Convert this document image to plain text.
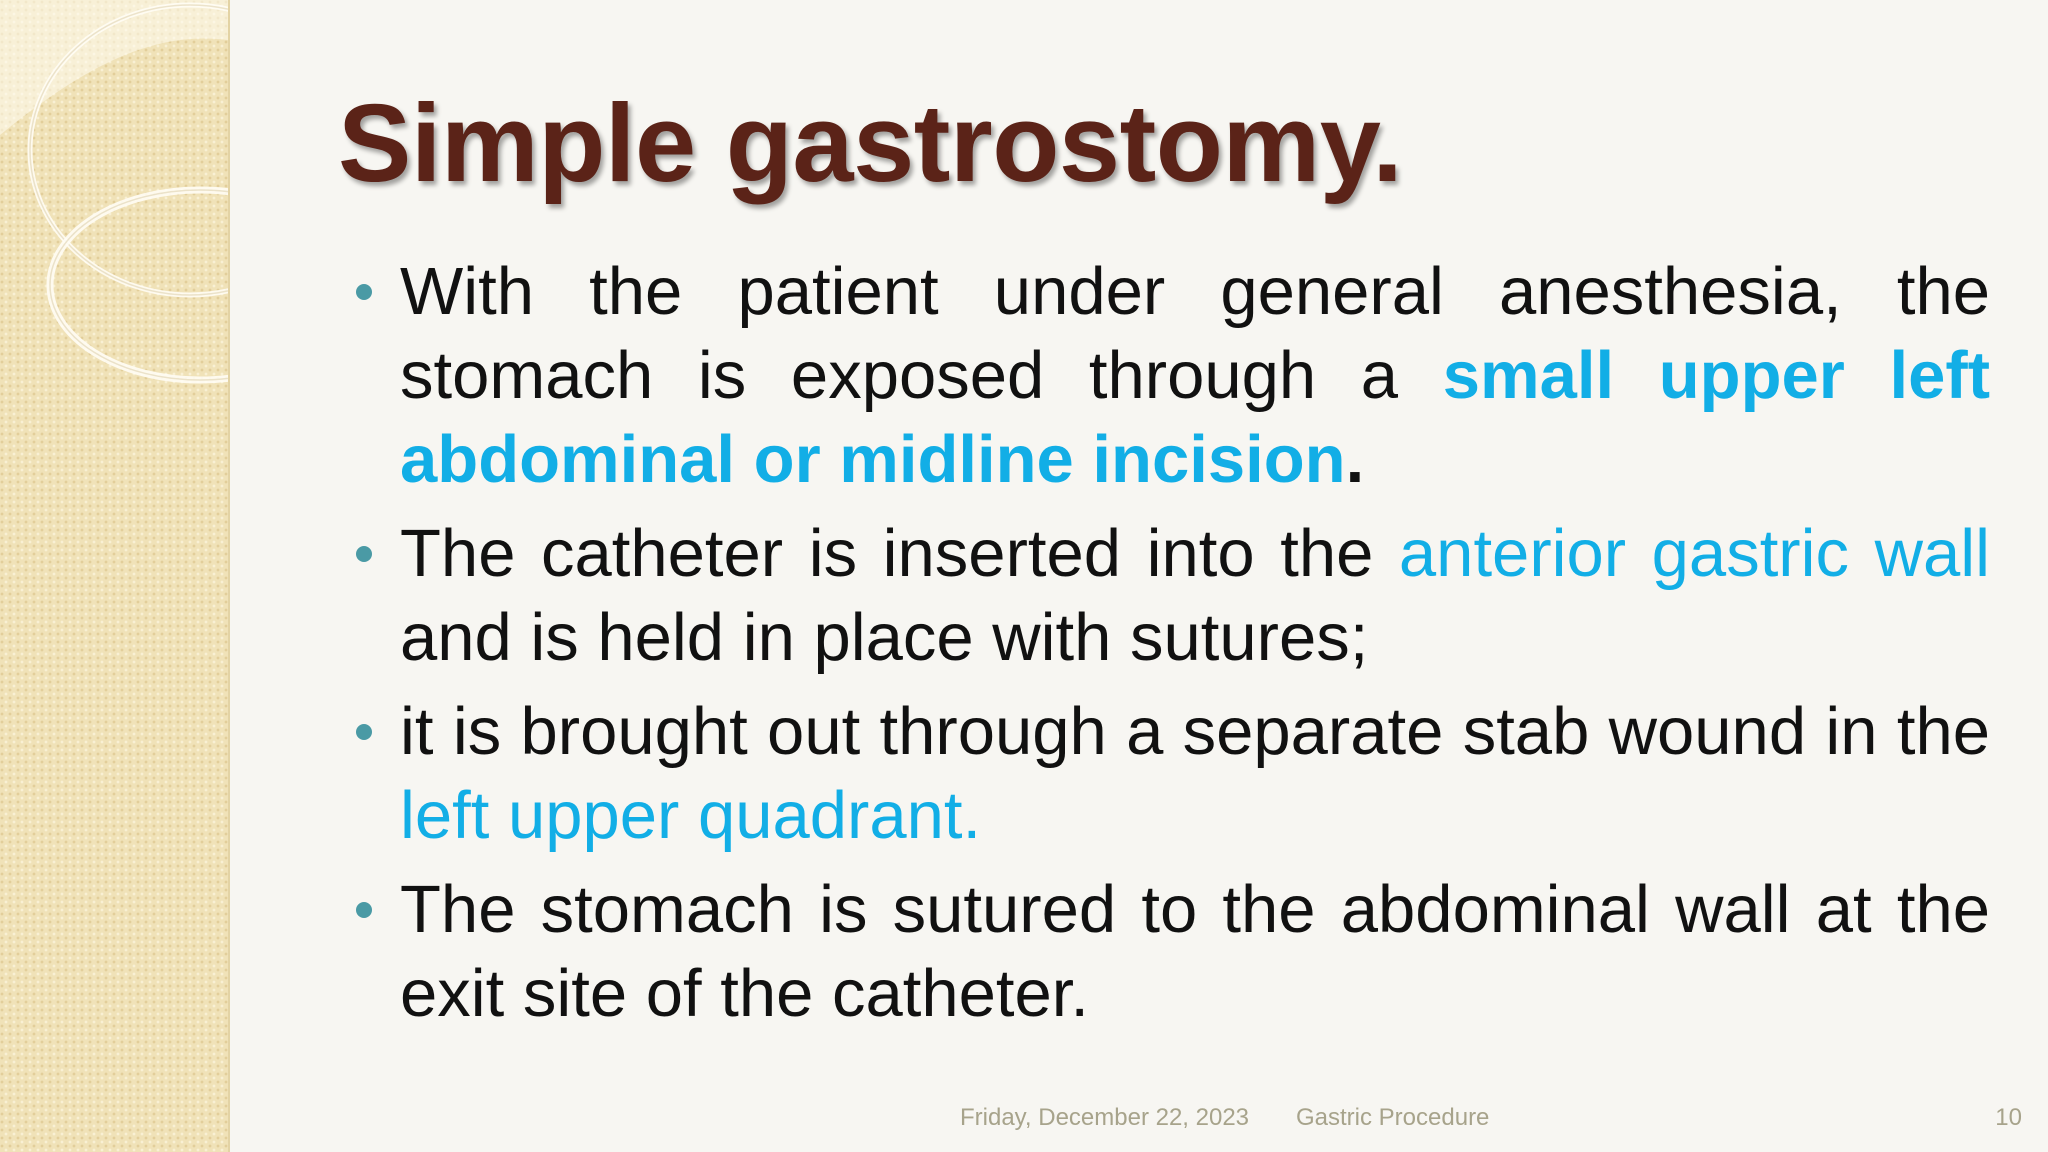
Simple gastrostomy.
With the patient under general anesthesia, the stomach is exposed through a small upper left abdominal or midline incision.
The catheter is inserted into the anterior gastric wall and is held in place with sutures;
it is brought out through a separate stab wound in the left upper quadrant.
The stomach is sutured to the abdominal wall at the exit site of the catheter.
Friday, December 22, 2023 Gastric Procedure	10
